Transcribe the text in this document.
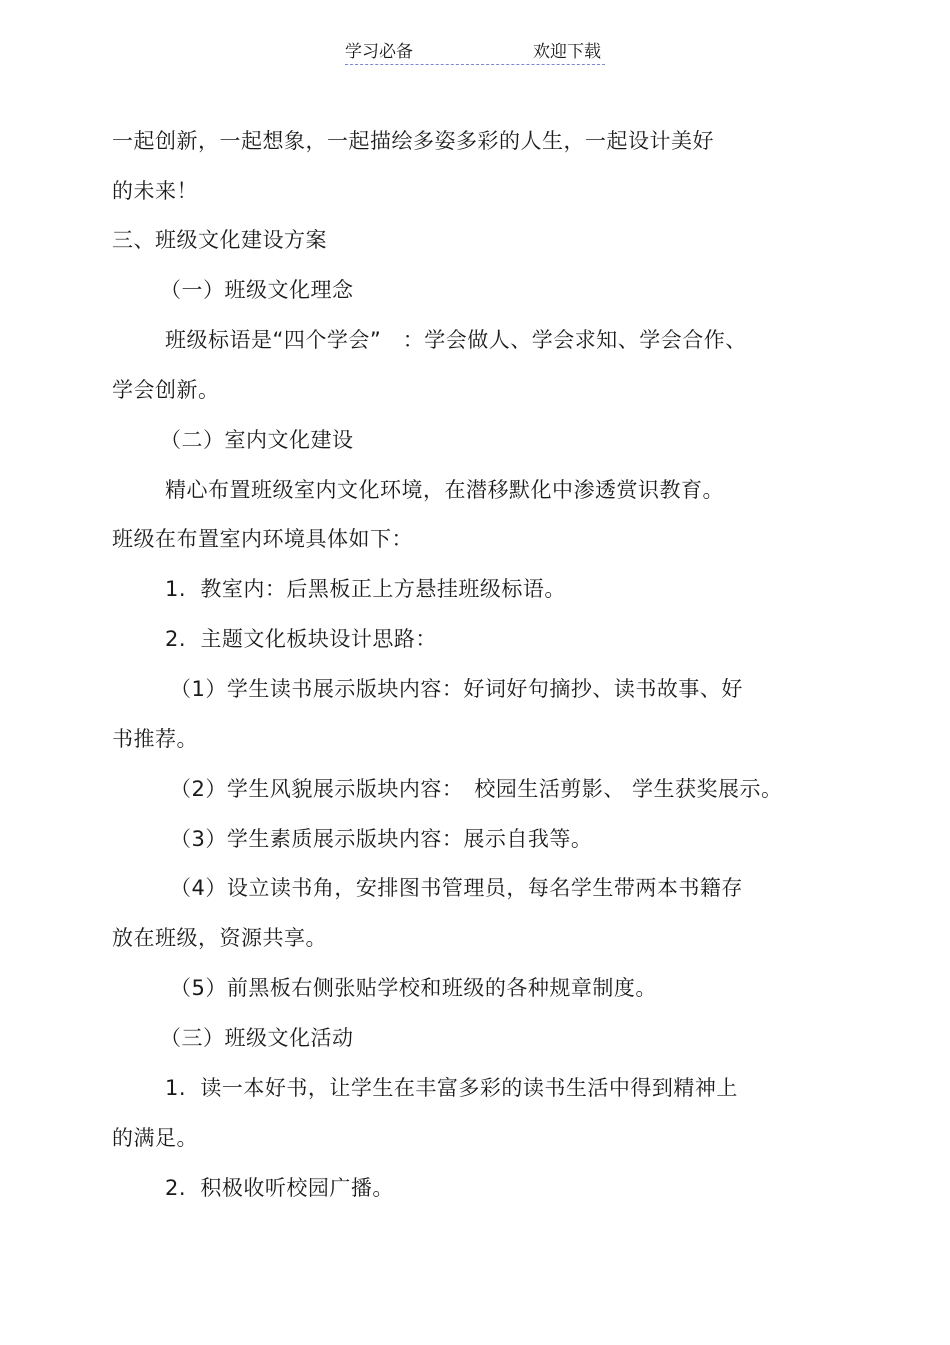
学习必备	欢迎下载
一起创新，一起想象，一起描绘多姿多彩的人生，一起设计美好
的未来！
三、班级文化建设方案
（一）班级文化理念
班级标语是“四个学会”　：学会做人、学会求知、学会合作、
学会创新。
（二）室内文化建设
精心布置班级室内文化环境，在潜移默化中渗透赏识教育。
班级在布置室内环境具体如下：
1.  教室内：后黑板正上方悬挂班级标语。
2.  主题文化板块设计思路：
（1）学生读书展示版块内容：好词好句摘抄、读书故事、好
书推荐。
（2）学生风貌展示版块内容：　校园生活剪影、 学生获奖展示。
（3）学生素质展示版块内容：展示自我等。
（4）设立读书角，安排图书管理员，每名学生带两本书籍存
放在班级，资源共享。
（5）前黑板右侧张贴学校和班级的各种规章制度。
（三）班级文化活动
1.  读一本好书，让学生在丰富多彩的读书生活中得到精神上
的满足。
2.  积极收听校园广播。
